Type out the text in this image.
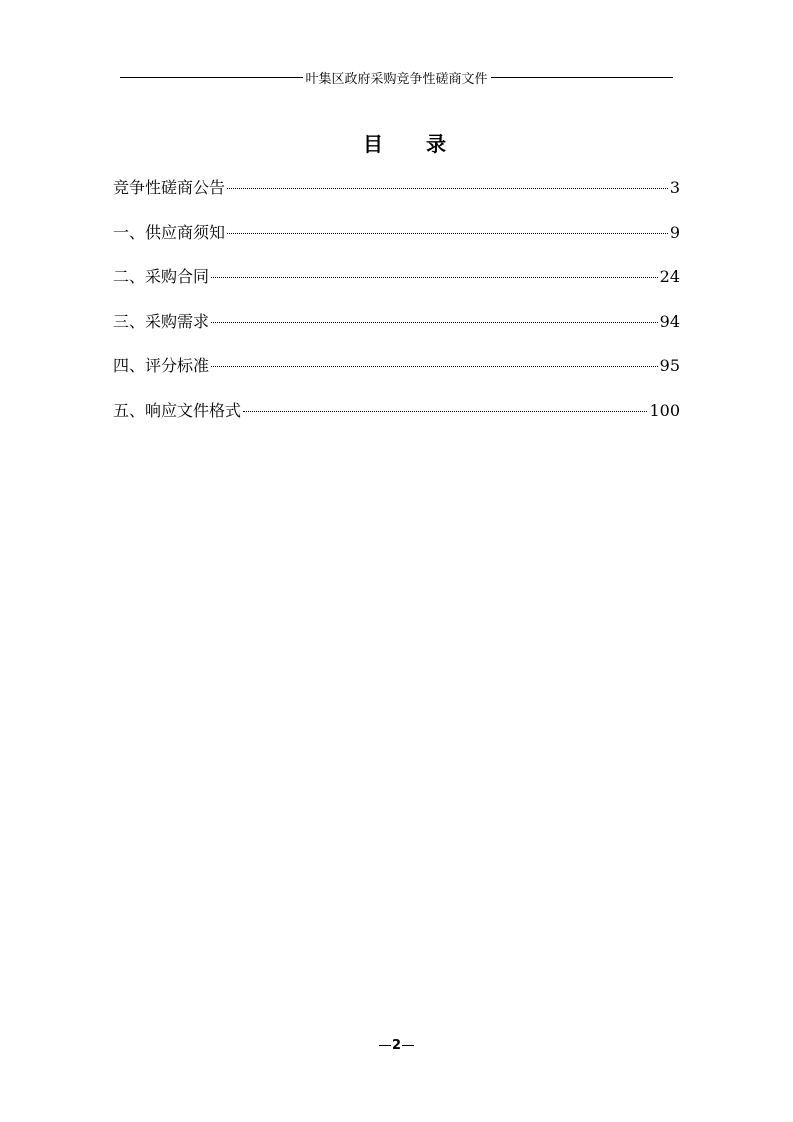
叶集区政府采购竞争性磋商文件
目 录
竞争性磋商公告	3
一、供应商须知	9
二、采购合同	24
三、采购需求	94
四、评分标准	95
五、响应文件格式	100
2
